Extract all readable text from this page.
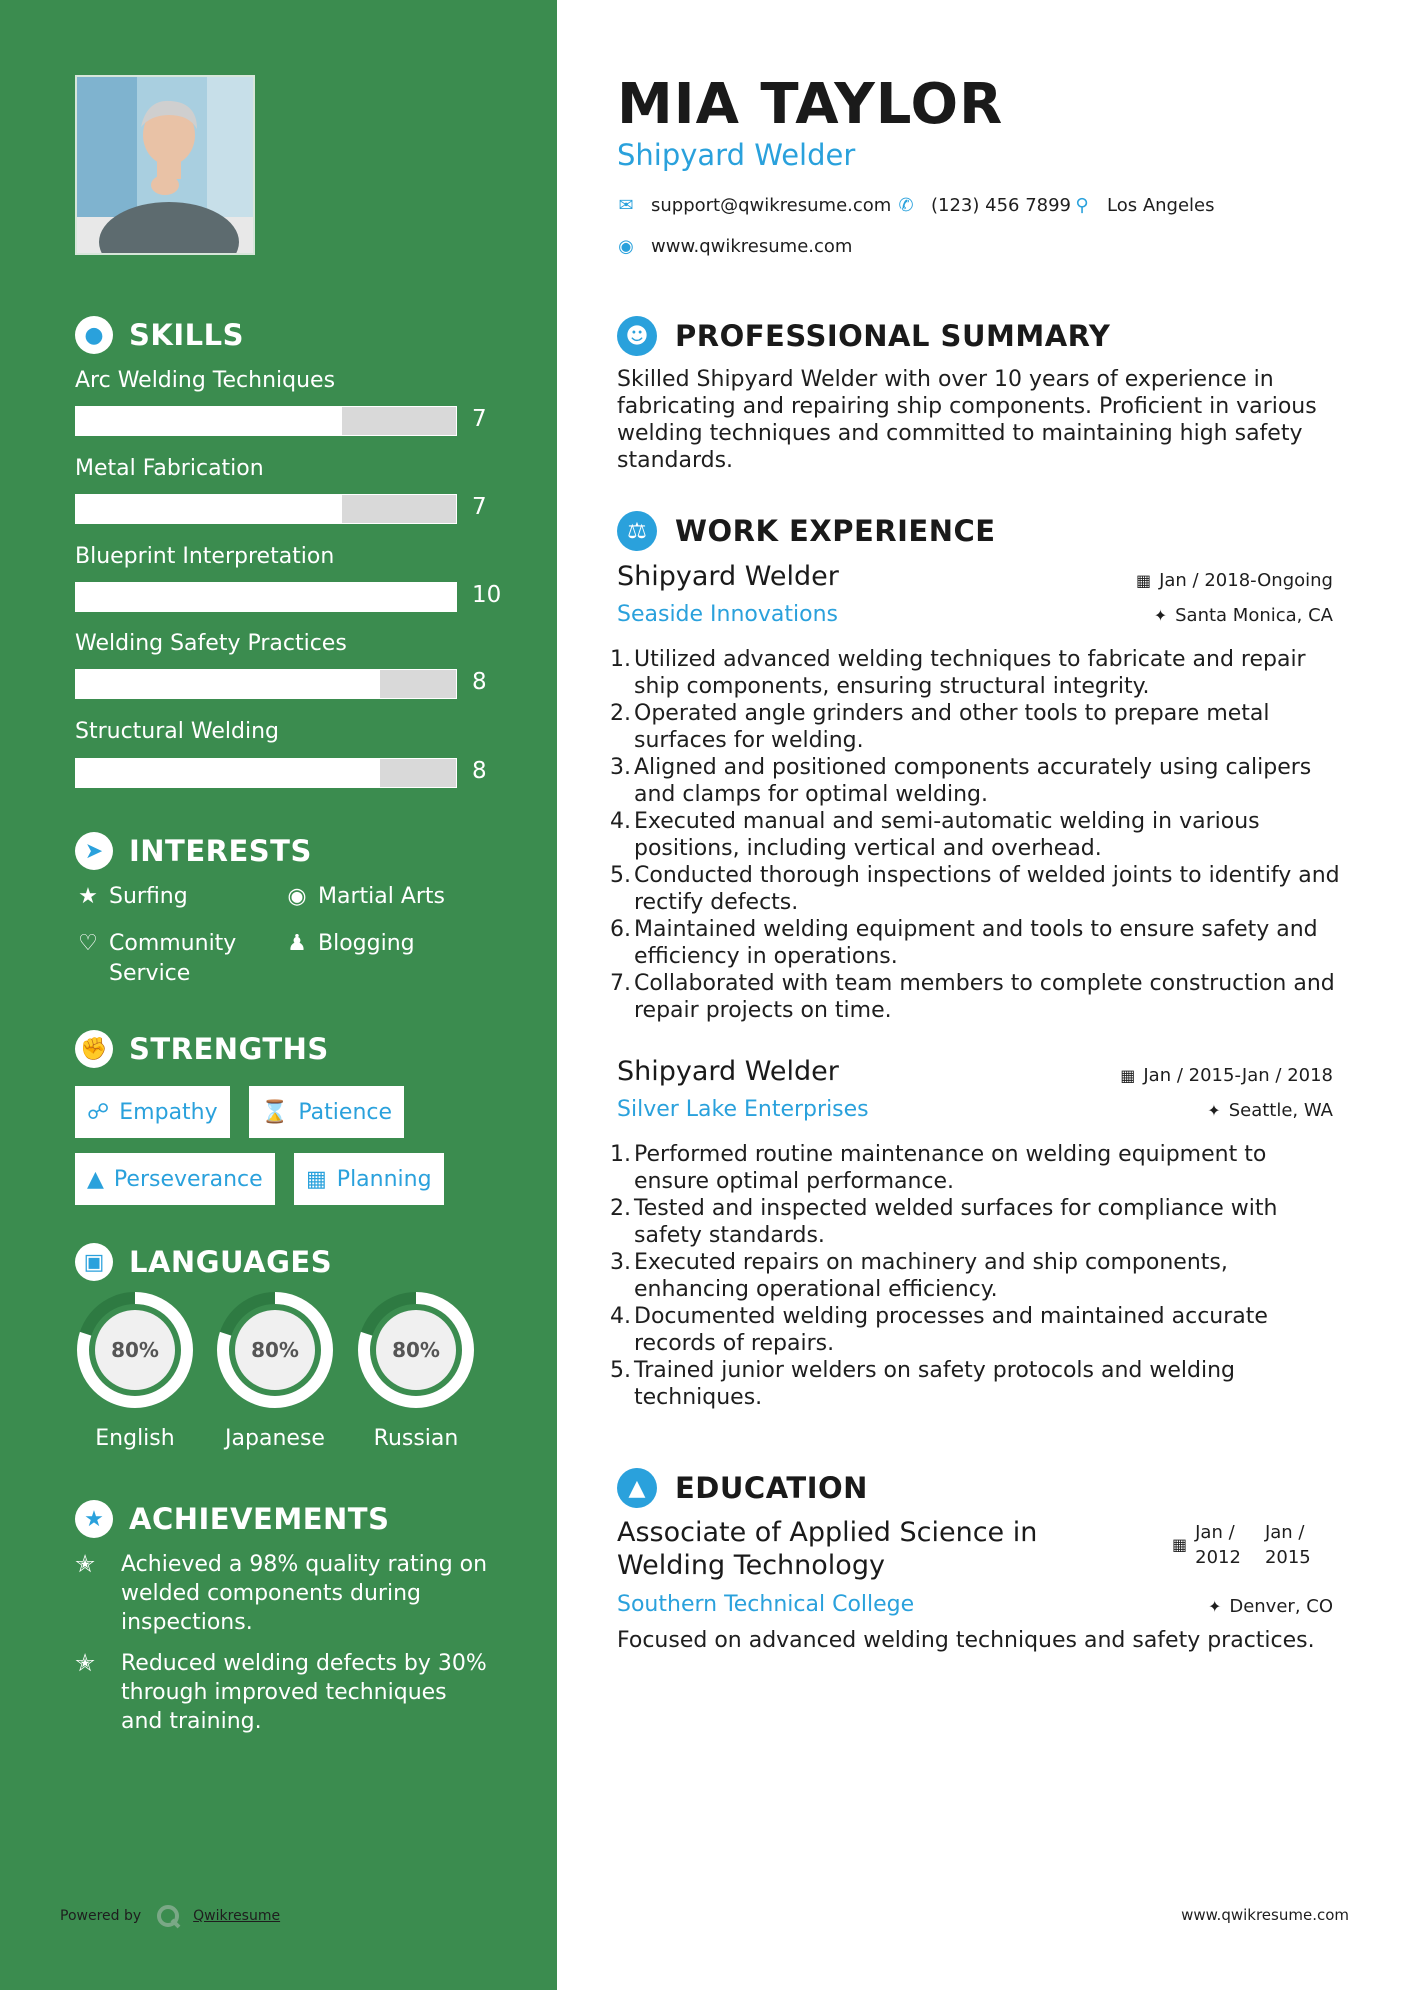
● SKILLS
Arc Welding Techniques
7
Metal Fabrication
7
Blueprint Interpretation
10
Welding Safety Practices
8
Structural Welding
8
➤ INTERESTS
★ Surfing	◉ Martial Arts
♡ Community
Service
♟ Blogging
✊ STRENGTHS
☍ Empathy ⌛ Patience
▲ Perseverance ▦ Planning
▣ LANGUAGES
80%
English
80%
Japanese
80%
Russian
★ ACHIEVEMENTS
✭	Achieved a 98% quality rating on welded components during inspections.
✭	Reduced welding defects by 30% through improved techniques and training.
Powered by	Qwikresume
MIA TAYLOR
Shipyard Welder
✉ support@qwikresume.com ✆ (123) 456 7899 ⚲ Los Angeles
◉ www.qwikresume.com
☻ PROFESSIONAL SUMMARY
Skilled Shipyard Welder with over 10 years of experience in fabricating and repairing ship components. Proficient in various welding techniques and committed to maintaining high safety standards.
⚖ WORK EXPERIENCE
Shipyard Welder	▦ Jan / 2018-Ongoing
Seaside Innovations	✦ Santa Monica, CA
1. Utilized advanced welding techniques to fabricate and repair ship components, ensuring structural integrity.
2. Operated angle grinders and other tools to prepare metal surfaces for welding.
3. Aligned and positioned components accurately using calipers and clamps for optimal welding.
4. Executed manual and semi-automatic welding in various positions, including vertical and overhead.
5. Conducted thorough inspections of welded joints to identify and rectify defects.
6. Maintained welding equipment and tools to ensure safety and efficiency in operations.
7. Collaborated with team members to complete construction and repair projects on time.
Shipyard Welder	▦ Jan / 2015-Jan / 2018
Silver Lake Enterprises	✦ Seattle, WA
1. Performed routine maintenance on welding equipment to ensure optimal performance.
2. Tested and inspected welded surfaces for compliance with safety standards.
3. Executed repairs on machinery and ship components, enhancing operational efficiency.
4. Documented welding processes and maintained accurate records of repairs.
5. Trained junior welders on safety protocols and welding techniques.
▲	EDUCATION
Associate of Applied Science in Welding Technology
▦
Jan /
2012
Jan /
2015
Southern Technical College	✦ Denver, CO
Focused on advanced welding techniques and safety practices.
www.qwikresume.com
